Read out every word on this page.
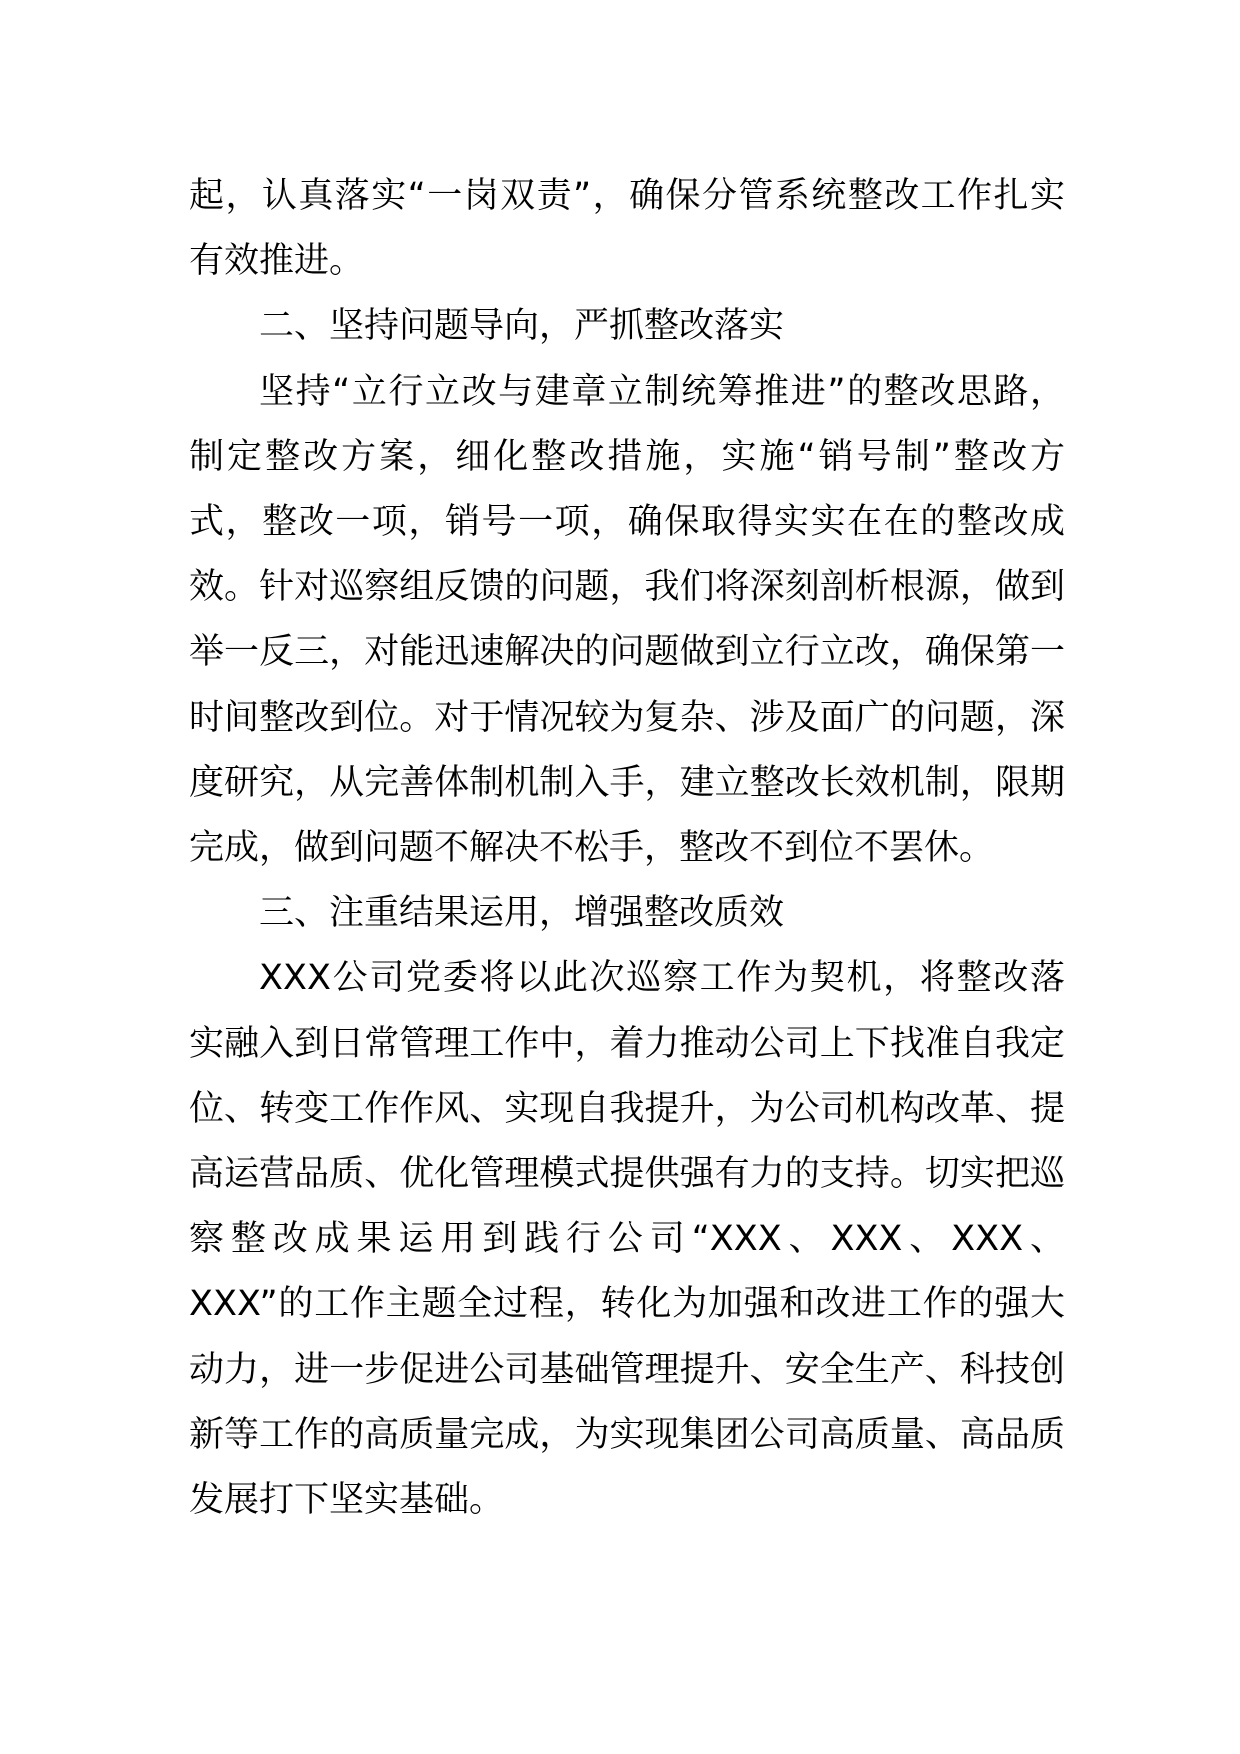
起，认真落实“一岗双责”，确保分管系统整改工作扎实有效推进。

二、坚持问题导向，严抓整改落实

坚持“立行立改与建章立制统筹推进”的整改思路，制定整改方案，细化整改措施，实施“销号制”整改方式，整改一项，销号一项，确保取得实实在在的整改成效。针对巡察组反馈的问题，我们将深刻剖析根源，做到举一反三，对能迅速解决的问题做到立行立改，确保第一时间整改到位。对于情况较为复杂、涉及面广的问题，深度研究，从完善体制机制入手，建立整改长效机制，限期完成，做到问题不解决不松手，整改不到位不罢休。

三、注重结果运用，增强整改质效

XXX公司党委将以此次巡察工作为契机，将整改落实融入到日常管理工作中，着力推动公司上下找准自我定位、转变工作作风、实现自我提升，为公司机构改革、提高运营品质、优化管理模式提供强有力的支持。切实把巡察整改成果运用到践行公司“XXX、XXX、XXX、XXX”的工作主题全过程，转化为加强和改进工作的强大动力，进一步促进公司基础管理提升、安全生产、科技创新等工作的高质量完成，为实现集团公司高质量、高品质发展打下坚实基础。
